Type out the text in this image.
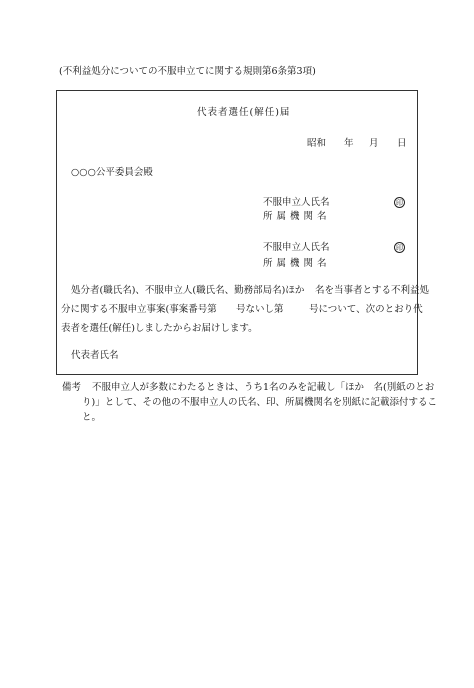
(不利益処分についての不服申立てに関する規則第6条第3項)
代表者選任(解任)届
昭和 年 月 日
○○○公平委員会殿
不服申立人氏名	印
所属機関名
不服申立人氏名	印
所属機関名
処分者(職氏名)、不服申立人(職氏名、勤務部局名)ほか 名を当事者とする不利益処
分に関する不服申立事案(事案番号第 号ないし第	号について、次のとおり代
表者を選任(解任)しましたからお届けします。
代表者氏名
備考 不服申立人が多数にわたるときは、うち1名のみを記載し「ほか　名(別紙のとお
り)」として、その他の不服申立人の氏名、印、所属機関名を別紙に記載添付するこ
と。
